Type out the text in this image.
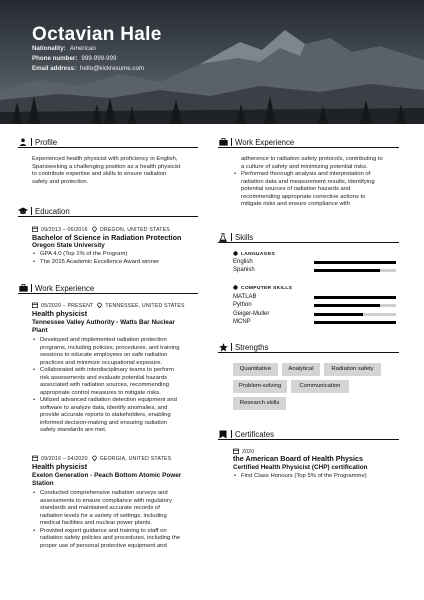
Octavian Hale
Nationality: American
Phone number: 999-999-999
Email address: hello@kickresume.com
Profile
Experienced health physicist with proficiency in English,
Spaniseeking a challenging position as a health physicist
to contribute expertise and skills to ensure radiation
safety and protection.
Education
09/2013 – 06/2016 OREGON, UNITED STATES
Bachelor of Science in Radiation Protection
Oregon State University
• GPA 4.0 (Top 1% of the Program)
• The 2015 Academic Excellence Award winner
Work Experience
05/2020 – PRESENT TENNESSEE, UNITED STATES
Health physicist
Tennessee Valley Authority - Watts Bar Nuclear
Plant
• Developed and implemented radiation protection
programs, including policies, procedures, and training
sessions to educate employees on safe radiation
practices and minimize occupational exposure.
• Collaborated with interdisciplinary teams to perform
risk assessments and evaluate potential hazards
associated with radiation sources, recommending
appropriate control measures to mitigate risks.
• Utilized advanced radiation detection equipment and
software to analyze data, identify anomalies, and
provide accurate reports to stakeholders, enabling
informed decision-making and ensuring radiation
safety standards are met.
09/2016 – 04/2020 GEORGIA, UNITED STATES
Health physicist
Exelon Generation - Peach Bottom Atomic Power
Station
• Conducted comprehensive radiation surveys and
assessments to ensure compliance with regulatory
standards and maintained accurate records of
radiation levels for a variety of settings, including
medical facilities and nuclear power plants.
• Provided expert guidance and training to staff on
radiation safety policies and procedures, including the
proper use of personal protective equipment and
Work Experience
adherence to radiation safety protocols, contributing to
a culture of safety and minimizing potential risks.
• Performed thorough analysis and interpretation of
radiation data and measurement results, identifying
potential sources of radiation hazards and
recommending appropriate corrective actions to
mitigate risks and ensure compliance with
Skills
LANGUAGES
English
Spanish
COMPUTER SKILLS
MATLAB
Python
Geiger-Muller
MCNP
Strengths
Quantitative	Analytical	Radiation safety
Problem-solving	Communication
Research skills
Certificates
2020
the American Board of Health Physics
Certified Health Physicist (CHP) certification
• First Class Honours (Top 5% of the Programme)
